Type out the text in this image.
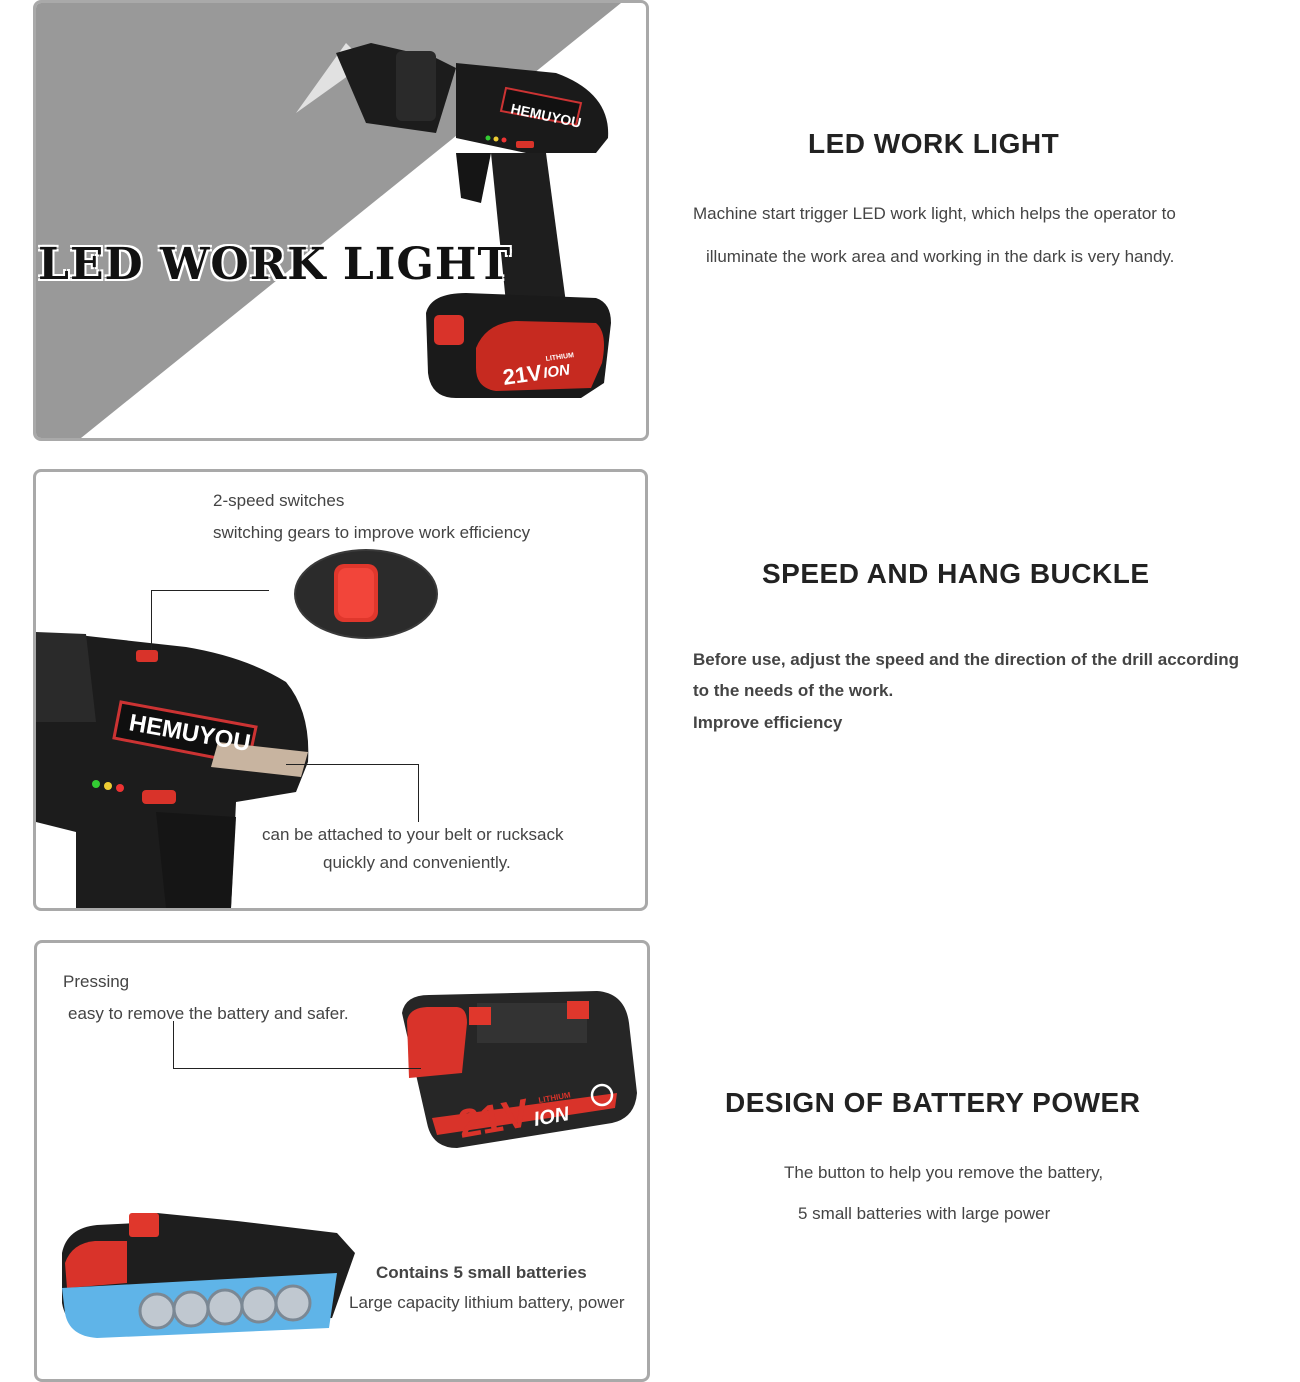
HEMUYOU
21V
ION
LITHIUM
LED WORK LIGHT
LED WORK LIGHT
Machine start trigger LED work light, which helps the operator to
illuminate the work area and working in the dark is very handy.
HEMUYOU
2-speed switches
switching gears to improve work efficiency
can be attached to your belt or rucksack
quickly and conveniently.
SPEED AND HANG BUCKLE
Before use, adjust the speed and the direction of the drill according
to the needs of the work.
Improve efficiency
21V ION
LITHIUM
Pressing
easy to remove the battery and safer.
Contains 5 small batteries
Large capacity lithium battery, power
DESIGN OF BATTERY POWER
The button to help you remove the battery,
5 small batteries with large power
